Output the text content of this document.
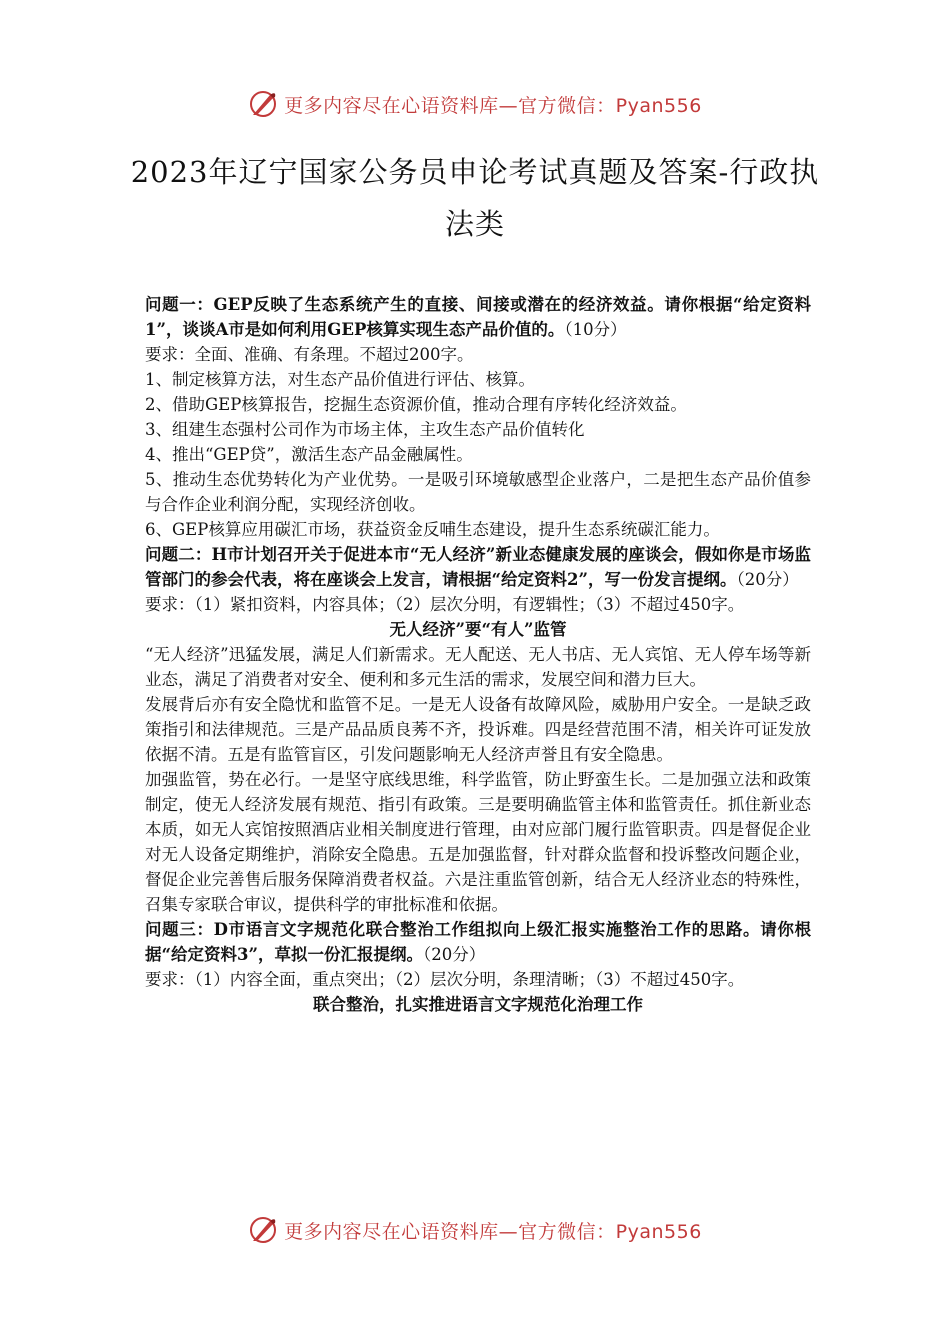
更多内容尽在心语资料库—官方微信：Pyan556
2023年辽宁国家公务员申论考试真题及答案-行政执法类

问题一：GEP反映了生态系统产生的直接、间接或潜在的经济效益。请你根据“给定资料1”，谈谈A市是如何利用GEP核算实现生态产品价值的。（10分）

要求：全面、准确、有条理。不超过200字。

1、制定核算方法，对生态产品价值进行评估、核算。

2、借助GEP核算报告，挖掘生态资源价值，推动合理有序转化经济效益。

3、组建生态强村公司作为市场主体，主攻生态产品价值转化

4、推出“GEP贷”，激活生态产品金融属性。

5、推动生态优势转化为产业优势。一是吸引环境敏感型企业落户，二是把生态产品价值参与合作企业利润分配，实现经济创收。

6、GEP核算应用碳汇市场，获益资金反哺生态建设，提升生态系统碳汇能力。

问题二：H市计划召开关于促进本市“无人经济”新业态健康发展的座谈会，假如你是市场监管部门的参会代表，将在座谈会上发言，请根据“给定资料2”，写一份发言提纲。（20分）

要求：（1）紧扣资料，内容具体；（2）层次分明，有逻辑性；（3）不超过450字。

无人经济”要“有人”监管

“无人经济”迅猛发展，满足人们新需求。无人配送、无人书店、无人宾馆、无人停车场等新业态，满足了消费者对安全、便利和多元生活的需求，发展空间和潜力巨大。

发展背后亦有安全隐忧和监管不足。一是无人设备有故障风险，威胁用户安全。一是缺乏政策指引和法律规范。三是产品品质良莠不齐，投诉难。四是经营范围不清，相关许可证发放依据不清。五是有监管盲区，引发问题影响无人经济声誉且有安全隐患。

加强监管，势在必行。一是坚守底线思维，科学监管，防止野蛮生长。二是加强立法和政策制定，使无人经济发展有规范、指引有政策。三是要明确监管主体和监管责任。抓住新业态本质，如无人宾馆按照酒店业相关制度进行管理，由对应部门履行监管职责。四是督促企业对无人设备定期维护，消除安全隐患。五是加强监督，针对群众监督和投诉整改问题企业，督促企业完善售后服务保障消费者权益。六是注重监管创新，结合无人经济业态的特殊性，召集专家联合审议，提供科学的审批标准和依据。

问题三：D市语言文字规范化联合整治工作组拟向上级汇报实施整治工作的思路。请你根据“给定资料3”，草拟一份汇报提纲。（20分）

要求：（1）内容全面，重点突出；（2）层次分明，条理清晰；（3）不超过450字。

联合整治，扎实推进语言文字规范化治理工作

更多内容尽在心语资料库—官方微信：Pyan556
